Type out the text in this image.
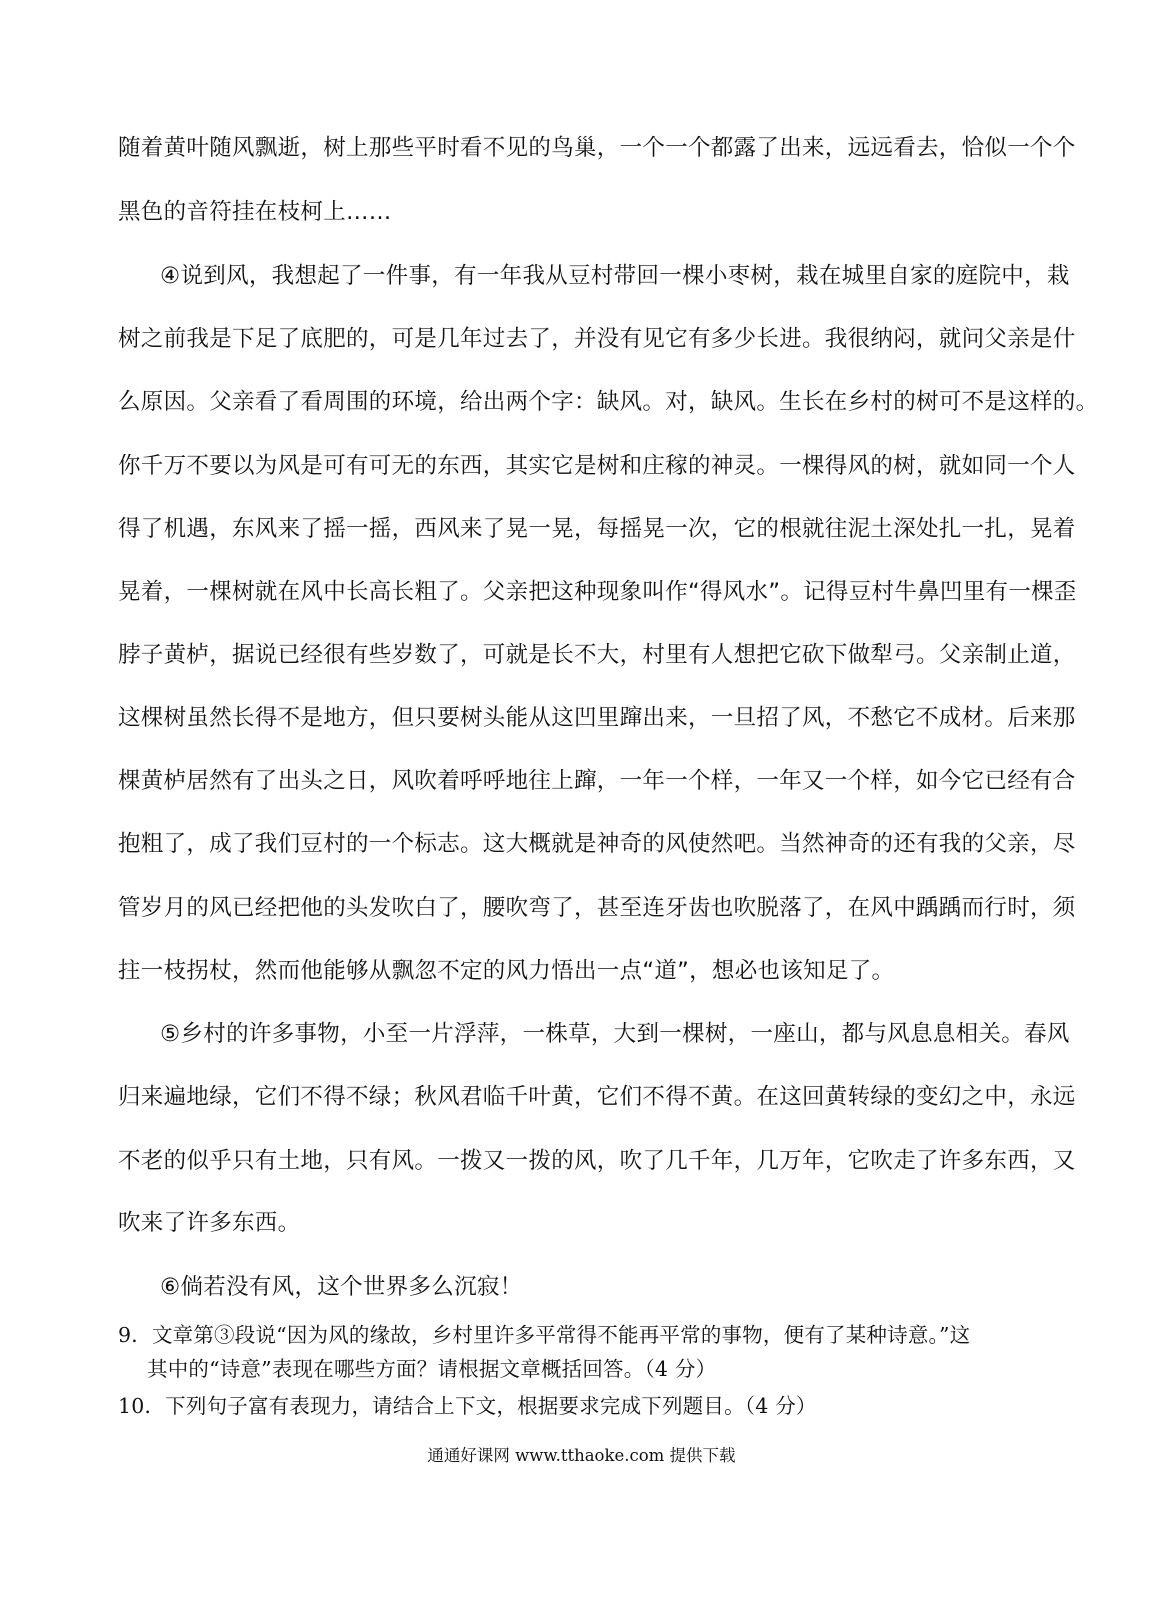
随着黄叶随风飘逝，树上那些平时看不见的鸟巢，一个一个都露了出来，远远看去，恰似一个个
黑色的音符挂在枝柯上……
④说到风，我想起了一件事，有一年我从豆村带回一棵小枣树，栽在城里自家的庭院中，栽
树之前我是下足了底肥的，可是几年过去了，并没有见它有多少长进。我很纳闷，就问父亲是什
么原因。父亲看了看周围的环境，给出两个字：缺风。对，缺风。生长在乡村的树可不是这样的。
你千万不要以为风是可有可无的东西，其实它是树和庄稼的神灵。一棵得风的树，就如同一个人
得了机遇，东风来了摇一摇，西风来了晃一晃，每摇晃一次，它的根就往泥土深处扎一扎，晃着
晃着，一棵树就在风中长高长粗了。父亲把这种现象叫作“得风水”。记得豆村牛鼻凹里有一棵歪
脖子黄栌，据说已经很有些岁数了，可就是长不大，村里有人想把它砍下做犁弓。父亲制止道，
这棵树虽然长得不是地方，但只要树头能从这凹里蹿出来，一旦招了风，不愁它不成材。后来那
棵黄栌居然有了出头之日，风吹着呼呼地往上蹿，一年一个样，一年又一个样，如今它已经有合
抱粗了，成了我们豆村的一个标志。这大概就是神奇的风使然吧。当然神奇的还有我的父亲，尽
管岁月的风已经把他的头发吹白了，腰吹弯了，甚至连牙齿也吹脱落了，在风中踽踽而行时，须
拄一枝拐杖，然而他能够从飘忽不定的风力悟出一点“道”，想必也该知足了。
⑤乡村的许多事物，小至一片浮萍，一株草，大到一棵树，一座山，都与风息息相关。春风
归来遍地绿，它们不得不绿；秋风君临千叶黄，它们不得不黄。在这回黄转绿的变幻之中，永远
不老的似乎只有土地，只有风。一拨又一拨的风，吹了几千年，几万年，它吹走了许多东西，又
吹来了许多东西。
⑥倘若没有风，这个世界多么沉寂！
9．文章第③段说“因为风的缘故，乡村里许多平常得不能再平常的事物，便有了某种诗意。”这
其中的“诗意”表现在哪些方面？请根据文章概括回答。（4 分）
10．下列句子富有表现力，请结合上下文，根据要求完成下列题目。（4 分）
通通好课网 www.tthaoke.com 提供下载
